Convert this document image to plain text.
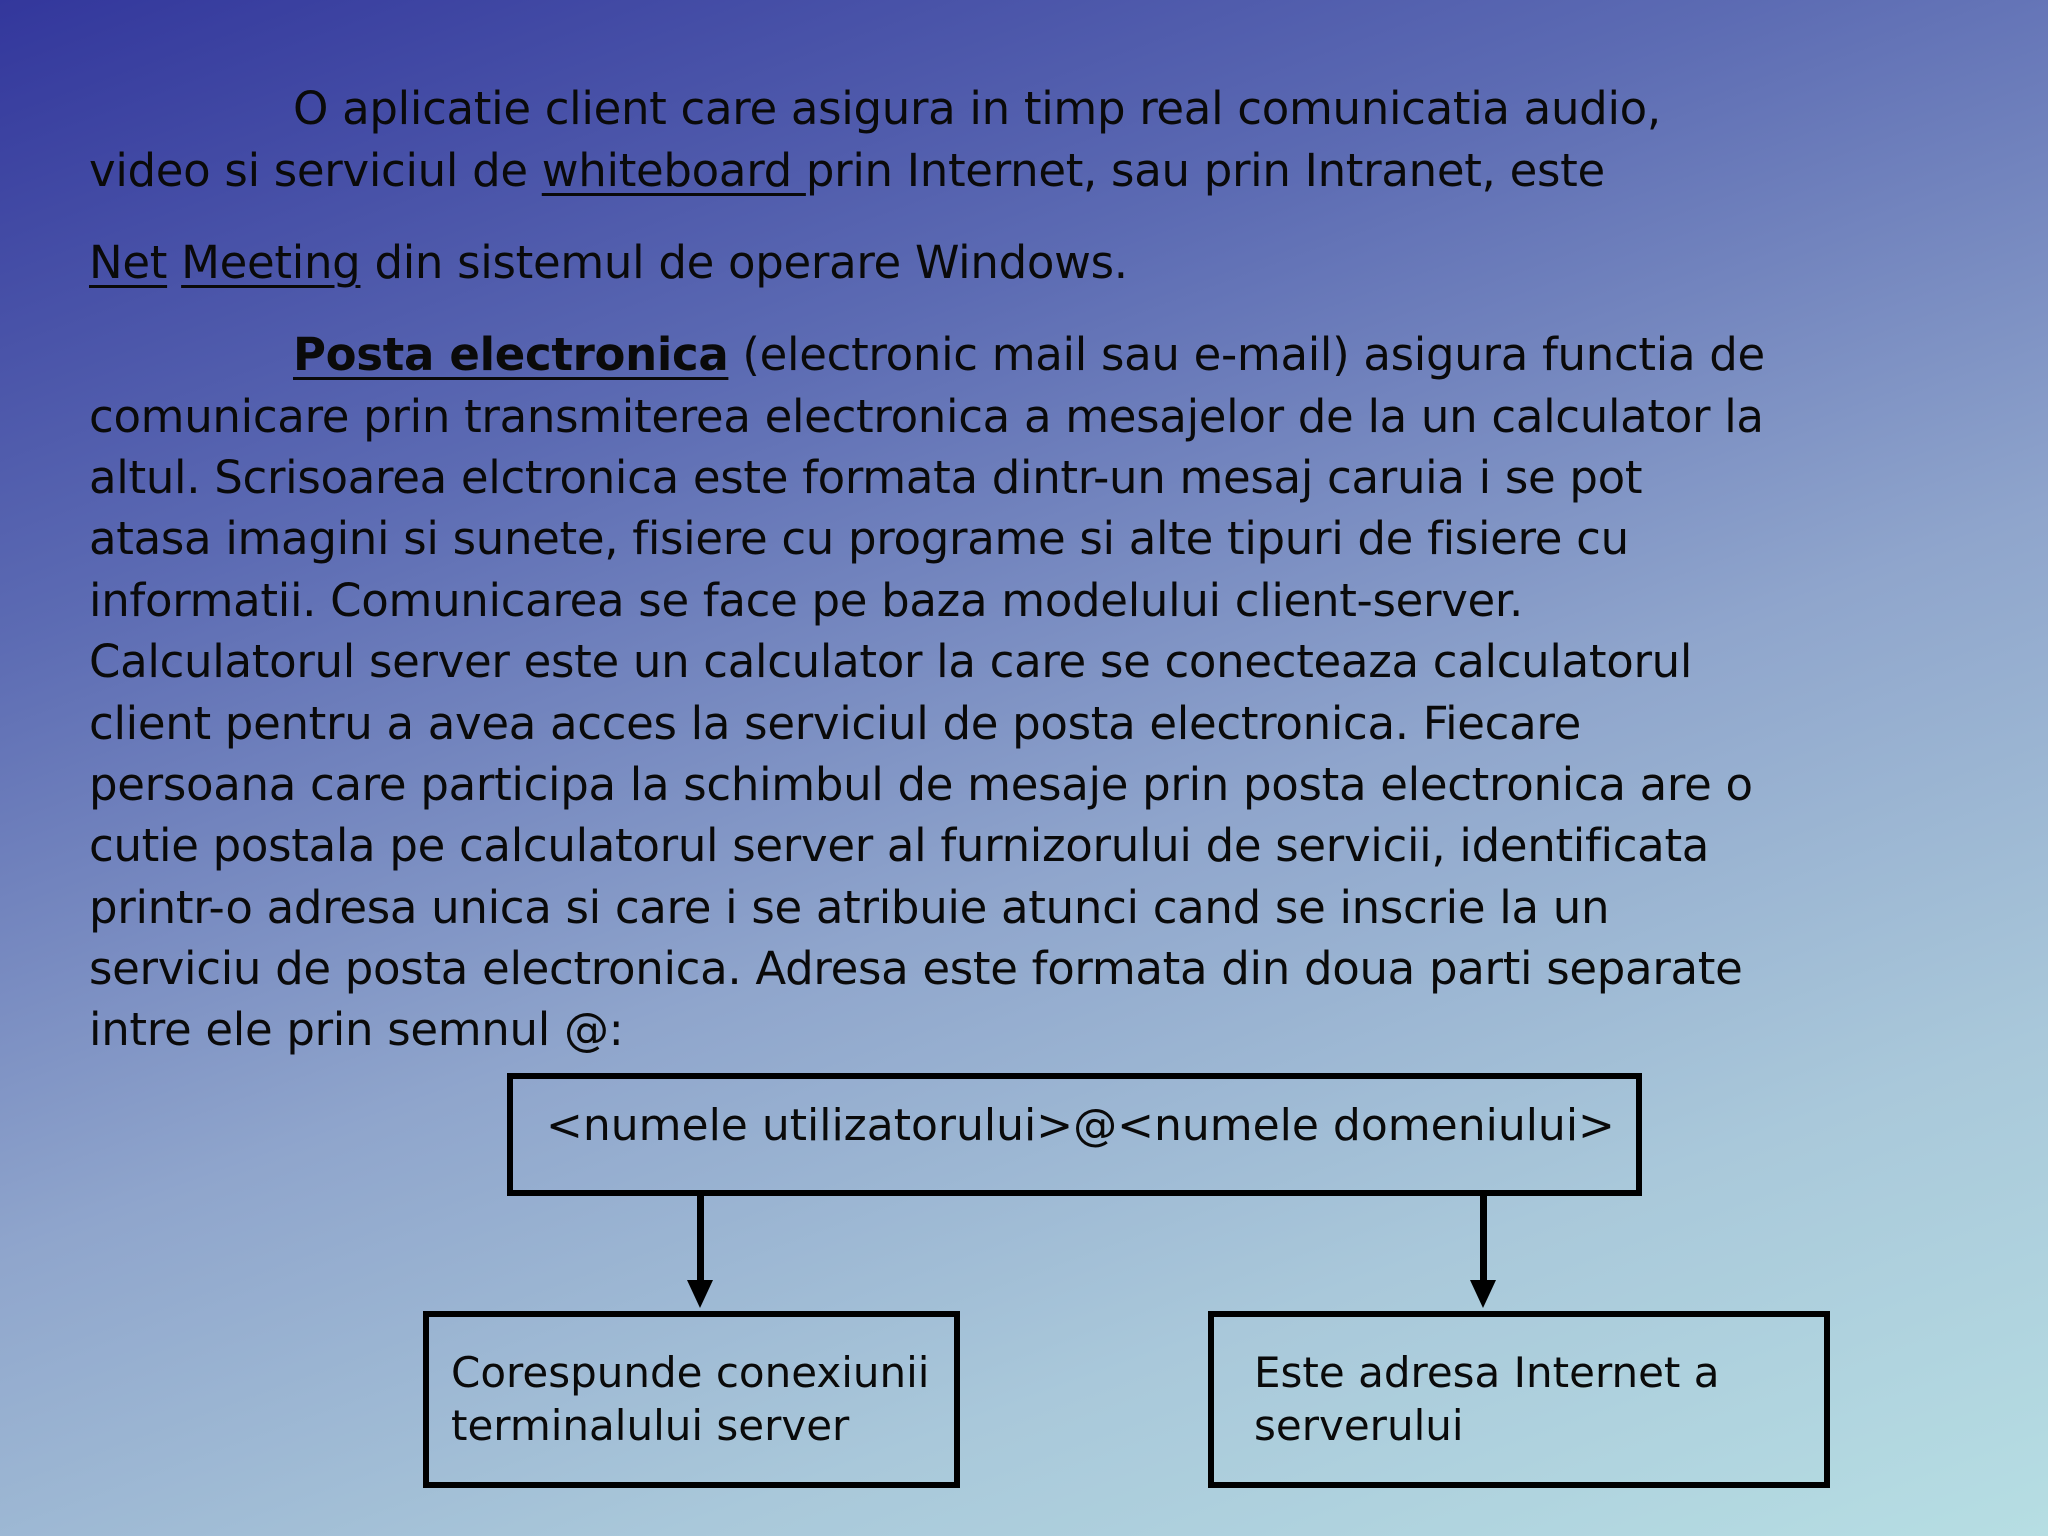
O aplicatie client care asigura in timp real comunicatia audio,

video si serviciul de whiteboard prin Internet, sau prin Intranet, este

Net Meeting din sistemul de operare Windows.

Posta electronica (electronic mail sau e-mail) asigura functia de

comunicare prin transmiterea electronica a mesajelor de la un calculator la

altul. Scrisoarea elctronica este formata dintr-un mesaj caruia i se pot

atasa imagini si sunete, fisiere cu programe si alte tipuri de fisiere cu

informatii. Comunicarea se face pe baza modelului client-server.

Calculatorul server este un calculator la care se conecteaza calculatorul

client pentru a avea acces la serviciul de posta electronica. Fiecare

persoana care participa la schimbul de mesaje prin posta electronica are o

cutie postala pe calculatorul server al furnizorului de servicii, identificata

printr-o adresa unica si care i se atribuie atunci cand se inscrie la un

serviciu de posta electronica. Adresa este formata din doua parti separate

intre ele prin semnul @:

<numele utilizatorului>@<numele domeniului>
Corespunde conexiunii terminalului server
Este adresa Internet a serverului
